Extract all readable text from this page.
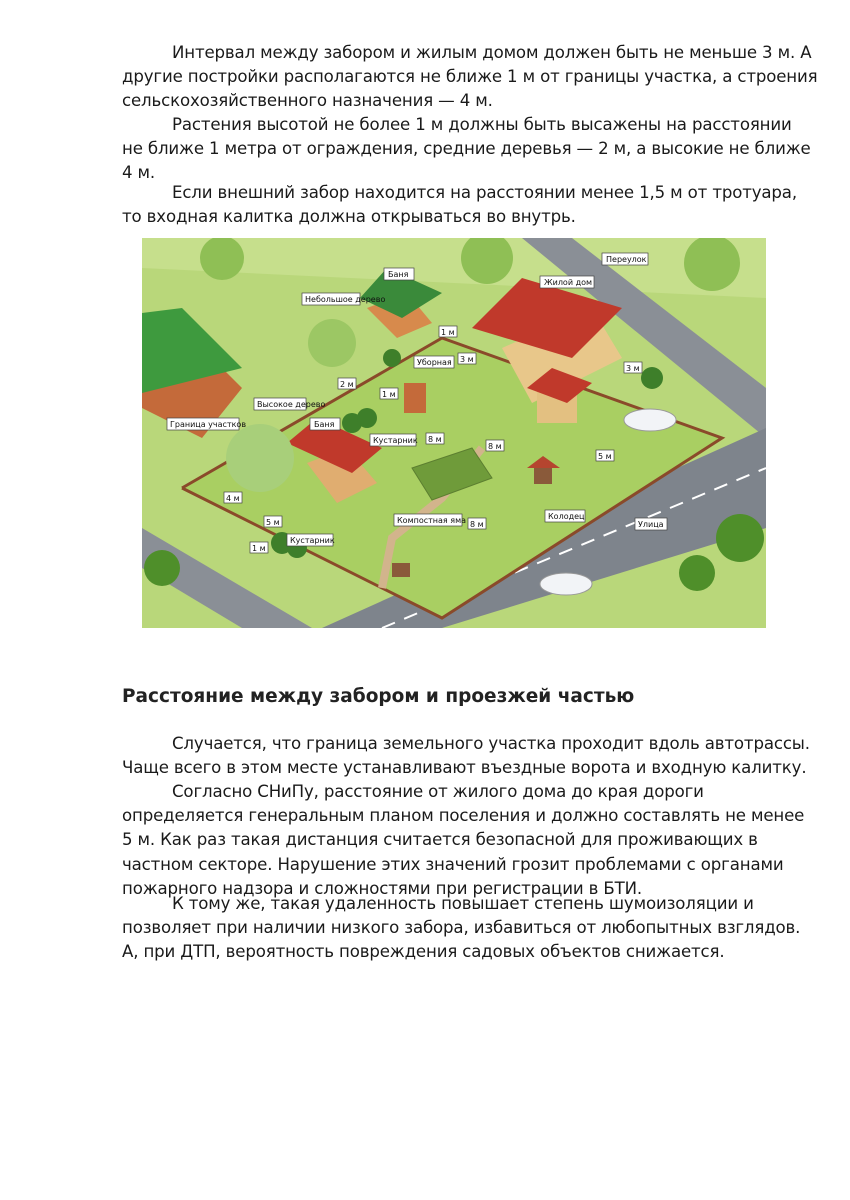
Интервал между забором и жилым домом должен быть не меньше 3 м. А
другие постройки располагаются не ближе 1 м от границы участка, а строения
сельскохозяйственного назначения — 4 м.

Растения высотой не более 1 м должны быть высажены на расстоянии
не ближе 1 метра от ограждения, средние деревья — 2 м, а высокие не ближе
4 м.

Если внешний забор находится на расстоянии менее 1,5 м от тротуара,
то входная калитка должна открываться во внутрь.

Переулок
Жилой дом
Баня
Небольшое дерево
Высокое дерево
Граница участков
Уборная
Баня
Кустарник
Кустарник
Компостная яма	Колодец
Улица
1 м
3 м
2 м
1 м
3 м
8 м
8 м
5 м
4 м
5 м
1 м
8 м
Расстояние между забором и проезжей частью

Случается, что граница земельного участка проходит вдоль автотрассы.
Чаще всего в этом месте устанавливают въездные ворота и входную калитку.

Согласно СНиПу, расстояние от жилого дома до края дороги
определяется генеральным планом поселения и должно составлять не менее
5 м. Как раз такая дистанция считается безопасной для проживающих в
частном секторе. Нарушение этих значений грозит проблемами с органами
пожарного надзора и сложностями при регистрации в БТИ.

К тому же, такая удаленность повышает степень шумоизоляции и
позволяет при наличии низкого забора, избавиться от любопытных взглядов.
А, при ДТП, вероятность повреждения садовых объектов снижается.
